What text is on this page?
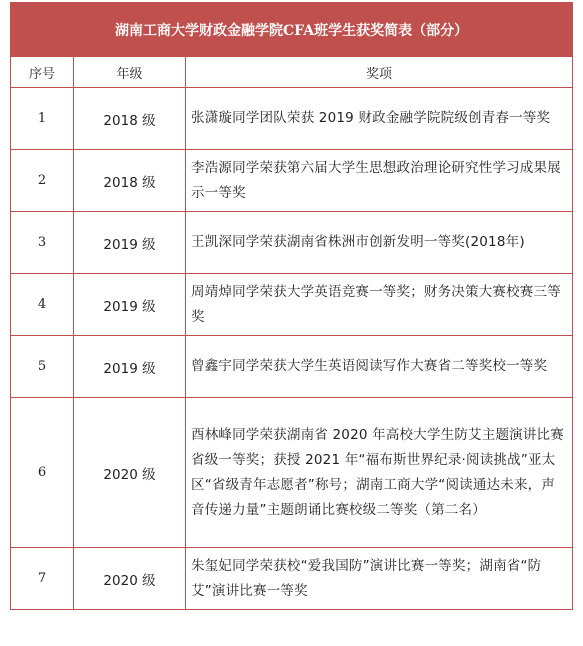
湖南工商大学财政金融学院CFA班学生获奖简表（部分）		
序号	年级	奖项
1	2018 级	张潇璇同学团队荣获 2019 财政金融学院院级创青春一等奖
2	2018 级	李浩源同学荣获第六届大学生思想政治理论研究性学习成果展示一等奖
3	2019 级	王凯深同学荣获湖南省株洲市创新发明一等奖(2018年)
4	2019 级	周靖焯同学荣获大学英语竞赛一等奖；财务决策大赛校赛三等奖
5	2019 级	曾鑫宇同学荣获大学生英语阅读写作大赛省二等奖校一等奖
6	2020 级	酉林峰同学荣获湖南省 2020 年高校大学生防艾主题演讲比赛省级一等奖；获授 2021 年“福布斯世界纪录·阅读挑战”亚太区“省级青年志愿者”称号；湖南工商大学“阅读通达未来，声音传递力量”主题朗诵比赛校级二等奖（第二名）
7	2020 级	朱玺妃同学荣获校“爱我国防”演讲比赛一等奖；湖南省“防艾”演讲比赛一等奖
